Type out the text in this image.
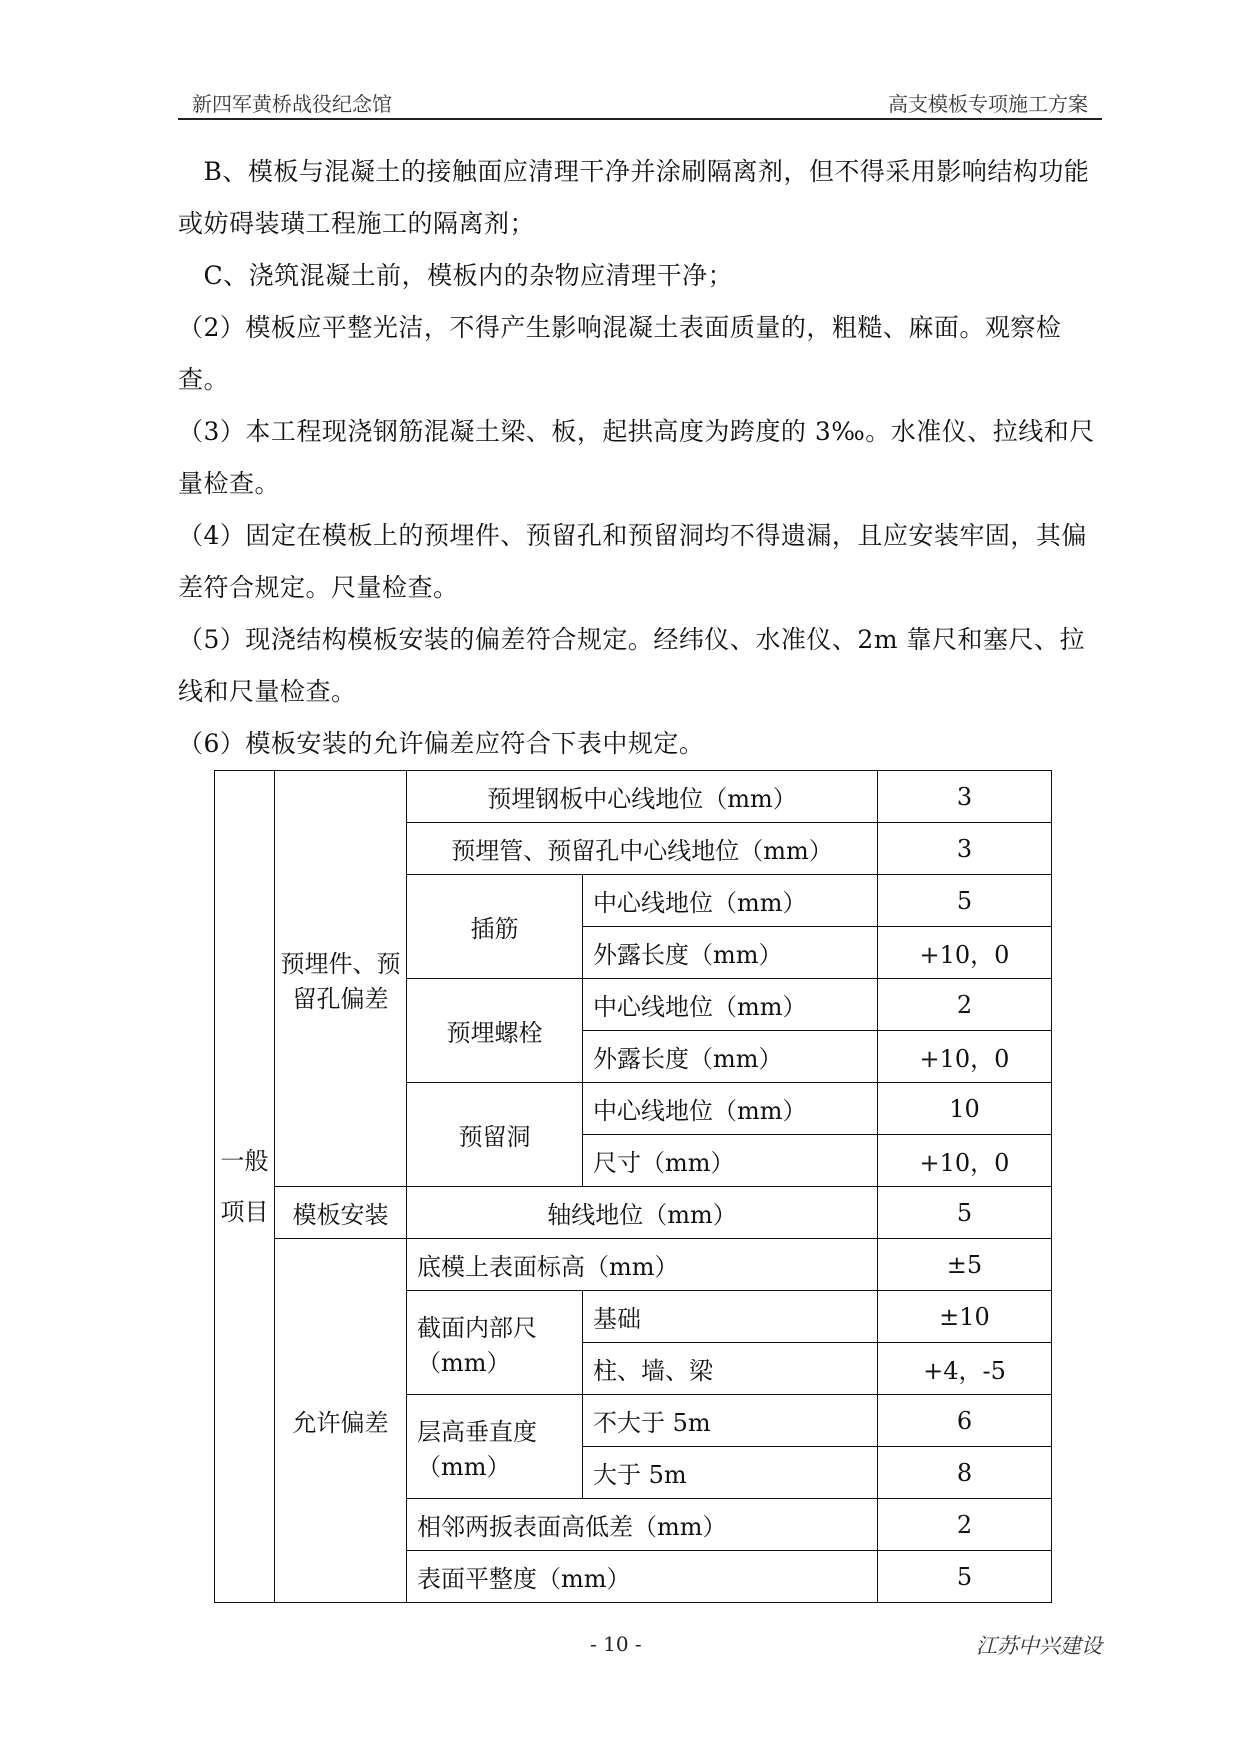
新四军黄桥战役纪念馆	高支模板专项施工方案

　B、模板与混凝土的接触面应清理干净并涂刷隔离剂，但不得采用影响结构功能或妨碍装璜工程施工的隔离剂；

　C、浇筑混凝土前，模板内的杂物应清理干净；

（2）模板应平整光洁，不得产生影响混凝土表面质量的，粗糙、麻面。观察检查。

（3）本工程现浇钢筋混凝土梁、板，起拱高度为跨度的 3‰。水准仪、拉线和尺量检查。

（4）固定在模板上的预埋件、预留孔和预留洞均不得遗漏，且应安装牢固，其偏差符合规定。尺量检查。

（5）现浇结构模板安装的偏差符合规定。经纬仪、水准仪、2m 靠尺和塞尺、拉线和尺量检查。

（6）模板安装的允许偏差应符合下表中规定。

一般项目	预埋件、预留孔偏差	预埋钢板中心线地位（mm）		3
		预埋管、预留孔中心线地位（mm）		3
		插筋	中心线地位（mm）	5
			外露长度（mm）	+10，0
		预埋螺栓	中心线地位（mm）	2
			外露长度（mm）	+10，0
		预留洞	中心线地位（mm）	10
			尺寸（mm）	+10，0
	模板安装	轴线地位（mm）		5
	允许偏差	底模上表面标高（mm）		±5
		截面内部尺（mm）	基础	±10
			柱、墙、梁	+4，-5
		层高垂直度（mm）	不大于 5m	6
			大于 5m	8
		相邻两扳表面高低差（mm）		2
		表面平整度（mm）		5
- 10 -	江苏中兴建设
